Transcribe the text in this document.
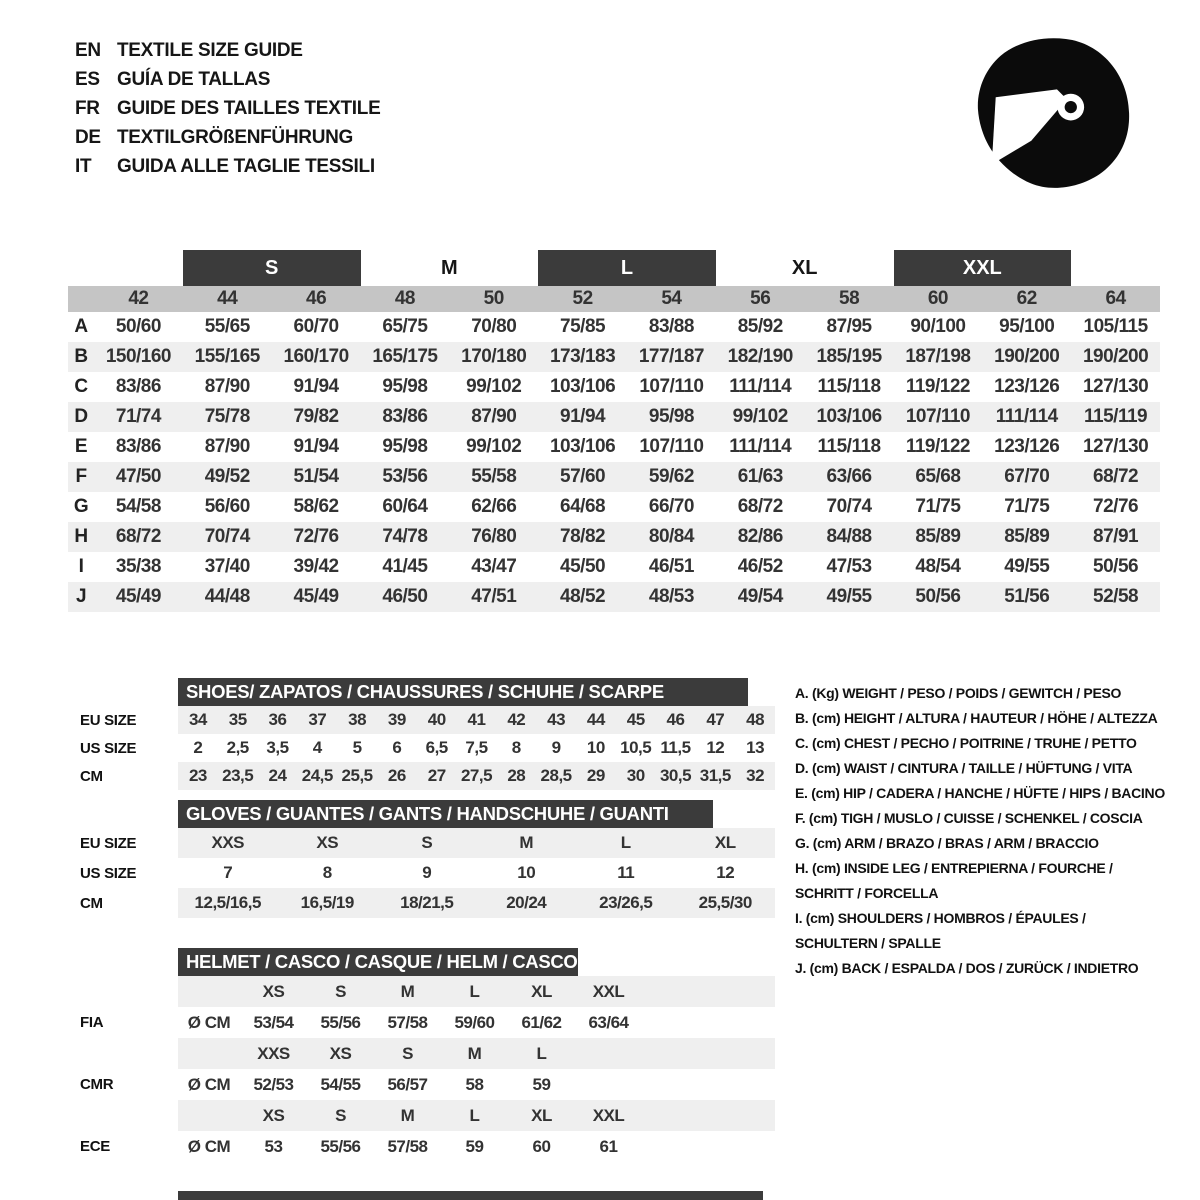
EN TEXTILE SIZE GUIDE
ES GUÍA DE TALLAS
FR GUIDE DES TAILLES TEXTILE
DE TEXTILGRÖßENFÜHRUNG
IT	GUIDA ALLE TAGLIE TESSILI
S	M	L	XL	XXL
42	44	46	48	50	52	54	56	58	60	62	64
A	50/60	55/65	60/70	65/75	70/80	75/85	83/88	85/92	87/95	90/100	95/100	105/115
B 150/160	155/165	160/170	165/175	170/180	173/183	177/187	182/190	185/195	187/198	190/200	190/200
C	83/86	87/90	91/94	95/98	99/102	103/106	107/110	111/114	115/118	119/122	123/126	127/130
D	71/74	75/78	79/82	83/86	87/90	91/94	95/98	99/102	103/106	107/110	111/114	115/119
E	83/86	87/90	91/94	95/98	99/102	103/106	107/110	111/114	115/118	119/122	123/126	127/130
F	47/50	49/52	51/54	53/56	55/58	57/60	59/62	61/63	63/66	65/68	67/70	68/72
G	54/58	56/60	58/62	60/64	62/66	64/68	66/70	68/72	70/74	71/75	71/75	72/76
H	68/72	70/74	72/76	74/78	76/80	78/82	80/84	82/86	84/88	85/89	85/89	87/91
I	35/38	37/40	39/42	41/45	43/47	45/50	46/51	46/52	47/53	48/54	49/55	50/56
J	45/49	44/48	45/49	46/50	47/51	48/52	48/53	49/54	49/55	50/56	51/56	52/58
SHOES/ ZAPATOS / CHAUSSURES / SCHUHE / SCARPE
EU SIZE	34	35	36	37	38	39	40	41	42	43	44	45	46	47	48
US SIZE	2	2,5	3,5	4	5	6	6,5	7,5	8	9	10 10,5 11,5 12	13
CM	23 23,5 24 24,5 25,5 26	27 27,5 28 28,5 29	30 30,5 31,5 32
GLOVES / GUANTES / GANTS / HANDSCHUHE / GUANTI
EU SIZE	XXS	XS	S	M	L	XL
US SIZE	7	8	9	10	11	12
CM	12,5/16,5	16,5/19	18/21,5	20/24	23/26,5	25,5/30
HELMET / CASCO / CASQUE / HELM / CASCO
XS	S	M	L	XL	XXL
FIA	Ø CM	53/54	55/56	57/58	59/60	61/62	63/64
XXS	XS	S	M	L
CMR	Ø CM	52/53	54/55	56/57	58	59
XS	S	M	L	XL	XXL
ECE	Ø CM	53	55/56	57/58	59	60	61
A. (Kg) WEIGHT / PESO / POIDS / GEWITCH / PESO
B. (cm) HEIGHT / ALTURA / HAUTEUR / HÖHE / ALTEZZA
C. (cm) CHEST / PECHO / POITRINE / TRUHE / PETTO
D. (cm) WAIST / CINTURA / TAILLE / HÜFTUNG / VITA
E. (cm) HIP / CADERA / HANCHE / HÜFTE / HIPS / BACINO
F. (cm) TIGH / MUSLO / CUISSE / SCHENKEL / COSCIA
G. (cm) ARM / BRAZO / BRAS / ARM / BRACCIO
H. (cm) INSIDE LEG / ENTREPIERNA / FOURCHE /
SCHRITT / FORCELLA
I. (cm) SHOULDERS / HOMBROS / ÉPAULES /
SCHULTERN / SPALLE
J. (cm) BACK / ESPALDA / DOS / ZURÜCK / INDIETRO
